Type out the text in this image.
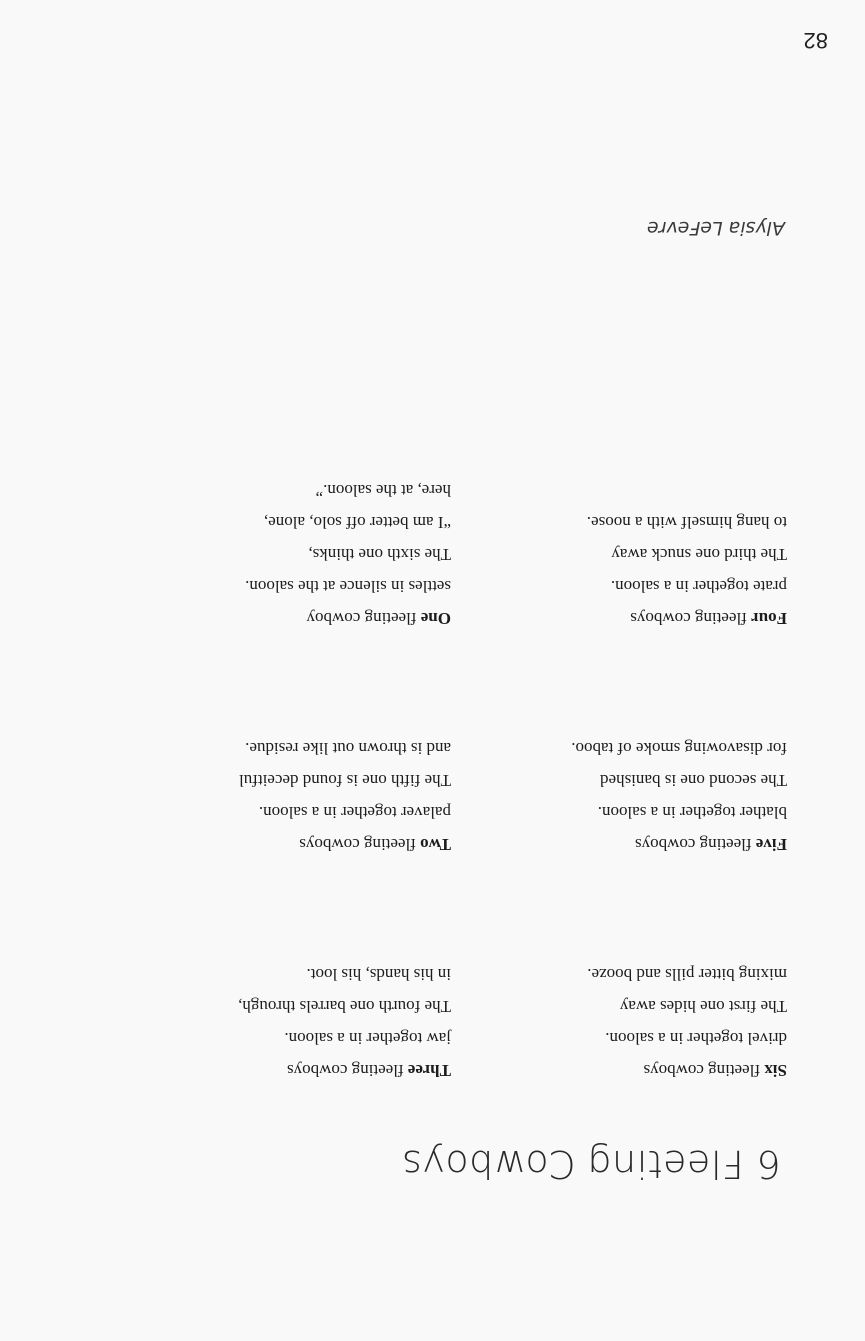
6 Fleeting Cowboys
Six fleeting cowboys
drivel together in a saloon.
The first one hides away
mixing bitter pills and booze.
Five fleeting cowboys
blather together in a saloon.
The second one is banished
for disavowing smoke of taboo.
Four fleeting cowboys
prate together in a saloon.
The third one snuck away
to hang himself with a noose.
Three fleeting cowboys
jaw together in a saloon.
The fourth one barrels through,
in his hands, his loot.
Two fleeting cowboys
palaver together in a saloon.
The fifth one is found deceitful
and is thrown out like residue.
One fleeting cowboy
settles in silence at the saloon.
The sixth one thinks,
“I am better off solo, alone,
here, at the saloon.”
Alysia LeFevre
82
